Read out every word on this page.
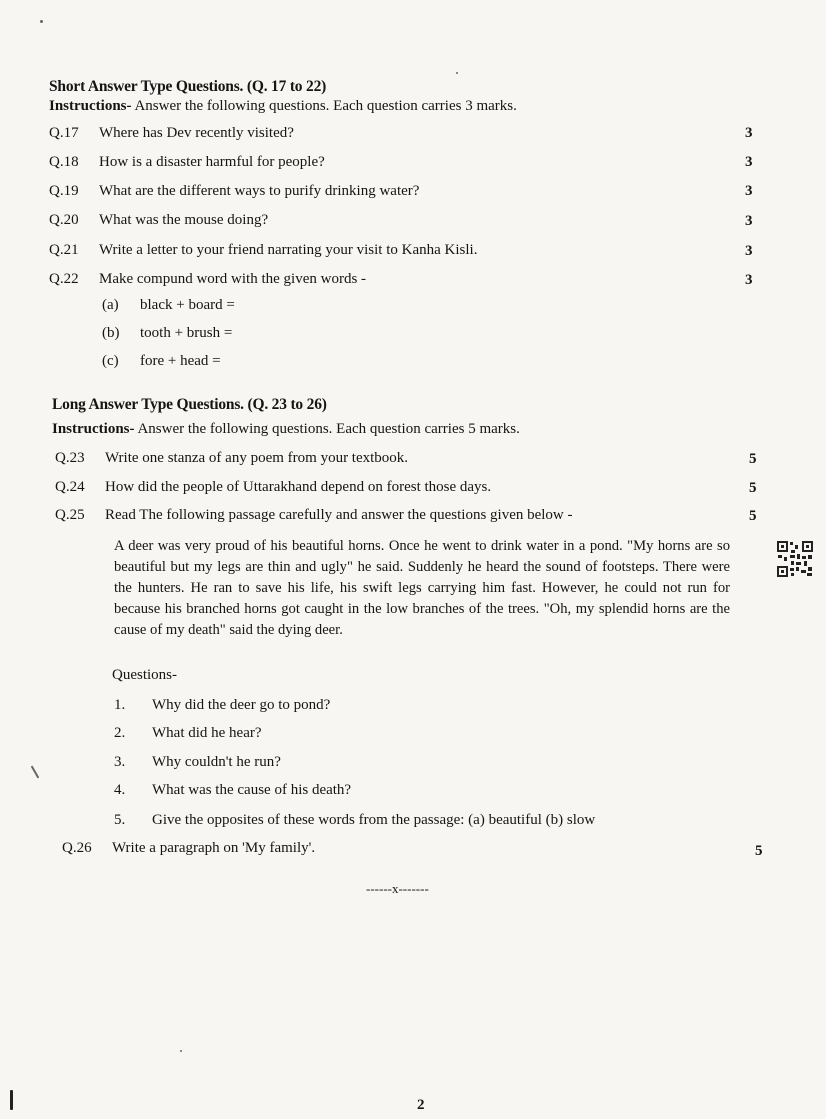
Short Answer Type Questions. (Q. 17 to 22)
Instructions- Answer the following questions. Each question carries 3 marks.
Q.17 Where has Dev recently visited?	3
Q.18 How is a disaster harmful for people?	3
Q.19 What are the different ways to purify drinking water?	3
Q.20 What was the mouse doing?	3
Q.21 Write a letter to your friend narrating your visit to Kanha Kisli.	3
Q.22 Make compund word with the given words -	3
(a) black + board =
(b) tooth + brush =
(c) fore + head =
Long Answer Type Questions. (Q. 23 to 26)
Instructions- Answer the following questions. Each question carries 5 marks.
Q.23 Write one stanza of any poem from your textbook.	5
Q.24 How did the people of Uttarakhand depend on forest those days.	5
Q.25 Read The following passage carefully and answer the questions given below -	5
A deer was very proud of his beautiful horns. Once he went to drink water in a pond. "My horns are so beautiful but my legs are thin and ugly" he said. Suddenly he heard the sound of footsteps. There were the hunters. He ran to save his life, his swift legs carrying him fast. However, he could not run for because his branched horns got caught in the low branches of the trees. "Oh, my splendid horns are the cause of my death" said the dying deer.
Questions-
1. Why did the deer go to pond?
2. What did he hear?
3. Why couldn't he run?
4. What was the cause of his death?
5. Give the opposites of these words from the passage: (a) beautiful (b) slow
Q.26 Write a paragraph on 'My family'.	5
------x-------
2
